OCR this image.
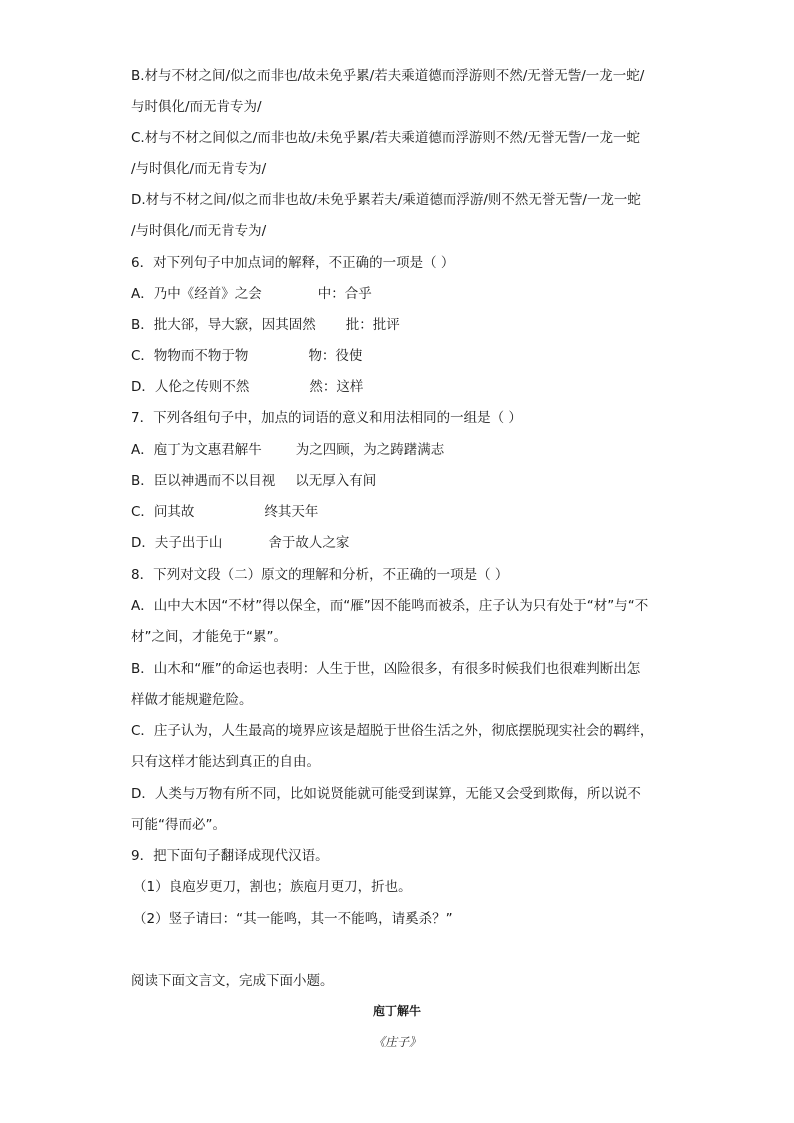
B.材与不材之间/似之而非也/故未免乎累/若夫乘道德而浮游则不然/无誉无訾/一龙一蛇/
与时俱化/而无肯专为/
C.材与不材之间似之/而非也故/未免乎累/若夫乘道德而浮游则不然/无誉无訾/一龙一蛇
/与时俱化/而无肯专为/
D.材与不材之间/似之而非也故/未免乎累若夫/乘道德而浮游/则不然无誉无訾/一龙一蛇
/与时俱化/而无肯专为/
6．对下列句子中加点词的解释，不正确的一项是（ ）
A．乃中《经首》之会	中：合乎
B．批大郤，导大窾，因其固然 批：批评
C．物物而不物于物	物：役使
D．人伦之传则不然	然：这样
7．下列各组句子中，加点的词语的意义和用法相同的一组是（ ）
A．庖丁为文惠君解牛	为之四顾，为之踌躇满志
B．臣以神遇而不以目视 以无厚入有间
C．问其故	终其天年
D．夫子出于山	舍于故人之家
8．下列对文段（二）原文的理解和分析，不正确的一项是（ ）
A．山中大木因“不材”得以保全，而“雁”因不能鸣而被杀，庄子认为只有处于“材”与“不
材”之间，才能免于“累”。
B．山木和“雁”的命运也表明：人生于世，凶险很多，有很多时候我们也很难判断出怎
样做才能规避危险。
C．庄子认为，人生最高的境界应该是超脱于世俗生活之外，彻底摆脱现实社会的羁绊，
只有这样才能达到真正的自由。
D．人类与万物有所不同，比如说贤能就可能受到谋算，无能又会受到欺侮，所以说不
可能“得而必”。
9．把下面句子翻译成现代汉语。
（1）良庖岁更刀，割也；族庖月更刀，折也。
（2）竖子请曰：“其一能鸣，其一不能鸣，请奚杀？”
阅读下面文言文，完成下面小题。
庖丁解牛
《庄子》
